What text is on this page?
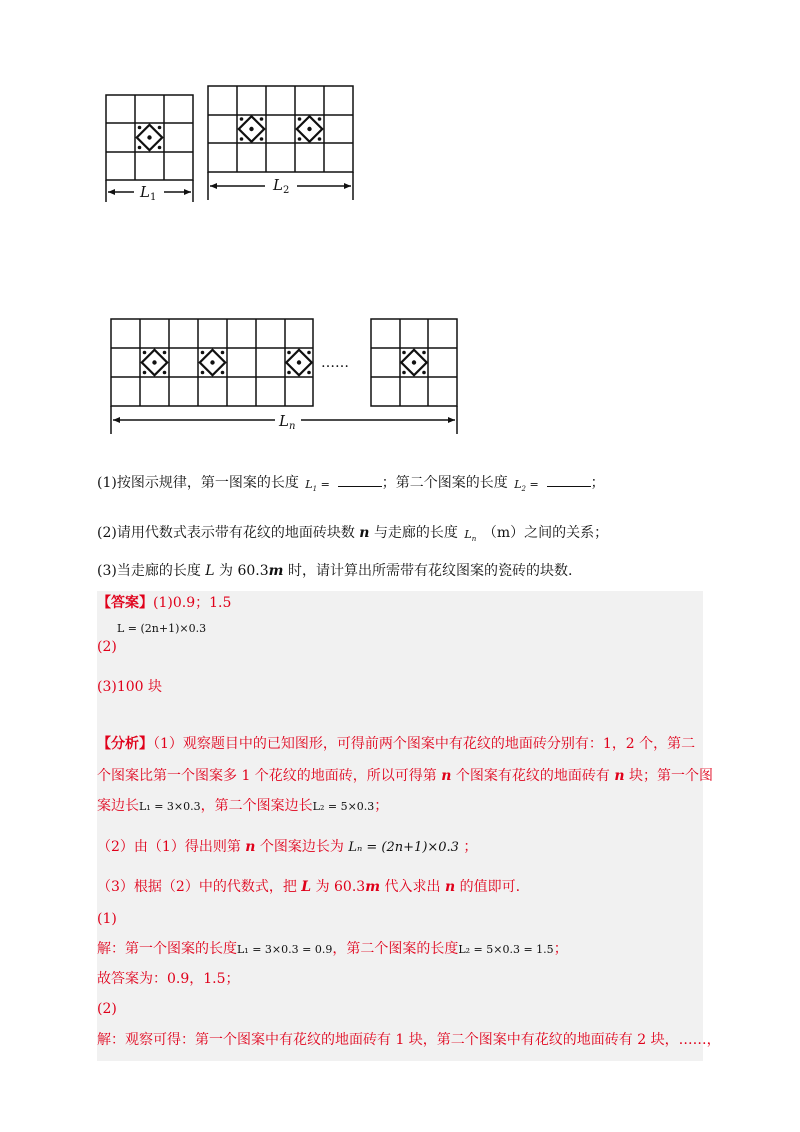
L 1
L 2
……
L n
(1)按图示规律，第一图案的长度 $L_1$ =	；第二个图案的长度 $L_2$ =	；
(2)请用代数式表示带有花纹的地面砖块数 n 与走廊的长度 $L_n$ （m）之间的关系；
(3)当走廊的长度 L 为 60.3m 时，请计算出所需带有花纹图案的瓷砖的块数.
【答案】(1)0.9；1.5
L = (2n+1)×0.3
(2)
(3)100 块
【分析】（1）观察题目中的已知图形，可得前两个图案中有花纹的地面砖分别有：1，2 个，第二
个图案比第一个图案多 1 个花纹的地面砖，所以可得第 n 个图案有花纹的地面砖有 n 块；第一个图
案边长L₁ = 3×0.3，第二个图案边长L₂ = 5×0.3；
（2）由（1）得出则第 n 个图案边长为 Lₙ = (2n+1)×0.3 ；
（3）根据（2）中的代数式，把 L 为 60.3m 代入求出 n 的值即可.
(1)
解：第一个图案的长度L₁ = 3×0.3 = 0.9，第二个图案的长度L₂ = 5×0.3 = 1.5；
故答案为：0.9，1.5；
(2)
解：观察可得：第一个图案中有花纹的地面砖有 1 块，第二个图案中有花纹的地面砖有 2 块，……，
